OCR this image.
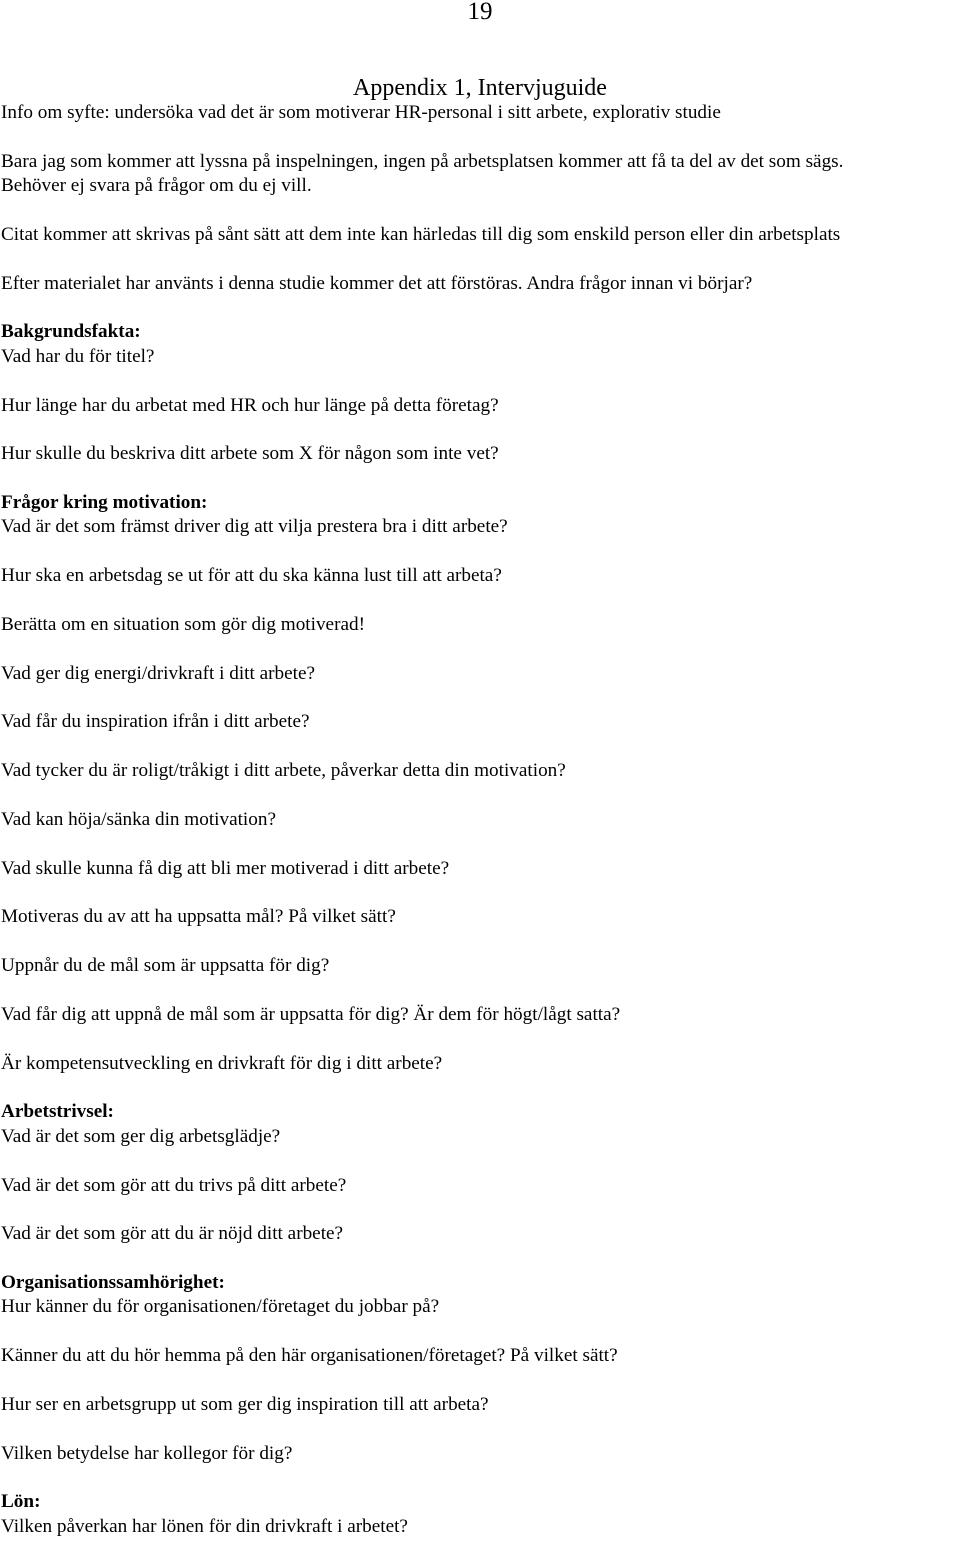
19
Appendix 1, Intervjuguide
Info om syfte: undersöka vad det är som motiverar HR-personal i sitt arbete, explorativ studie
Bara jag som kommer att lyssna på inspelningen, ingen på arbetsplatsen kommer att få ta del av det som sägs.
Behöver ej svara på frågor om du ej vill.
Citat kommer att skrivas på sånt sätt att dem inte kan härledas till dig som enskild person eller din arbetsplats
Efter materialet har använts i denna studie kommer det att förstöras. Andra frågor innan vi börjar?
Bakgrundsfakta:
Vad har du för titel?
Hur länge har du arbetat med HR och hur länge på detta företag?
Hur skulle du beskriva ditt arbete som X för någon som inte vet?
Frågor kring motivation:
Vad är det som främst driver dig att vilja prestera bra i ditt arbete?
Hur ska en arbetsdag se ut för att du ska känna lust till att arbeta?
Berätta om en situation som gör dig motiverad!
Vad ger dig energi/drivkraft i ditt arbete?
Vad får du inspiration ifrån i ditt arbete?
Vad tycker du är roligt/tråkigt i ditt arbete, påverkar detta din motivation?
Vad kan höja/sänka din motivation?
Vad skulle kunna få dig att bli mer motiverad i ditt arbete?
Motiveras du av att ha uppsatta mål? På vilket sätt?
Uppnår du de mål som är uppsatta för dig?
Vad får dig att uppnå de mål som är uppsatta för dig? Är dem för högt/lågt satta?
Är kompetensutveckling en drivkraft för dig i ditt arbete?
Arbetstrivsel:
Vad är det som ger dig arbetsglädje?
Vad är det som gör att du trivs på ditt arbete?
Vad är det som gör att du är nöjd ditt arbete?
Organisationssamhörighet:
Hur känner du för organisationen/företaget du jobbar på?
Känner du att du hör hemma på den här organisationen/företaget? På vilket sätt?
Hur ser en arbetsgrupp ut som ger dig inspiration till att arbeta?
Vilken betydelse har kollegor för dig?
Lön:
Vilken påverkan har lönen för din drivkraft i arbetet?
